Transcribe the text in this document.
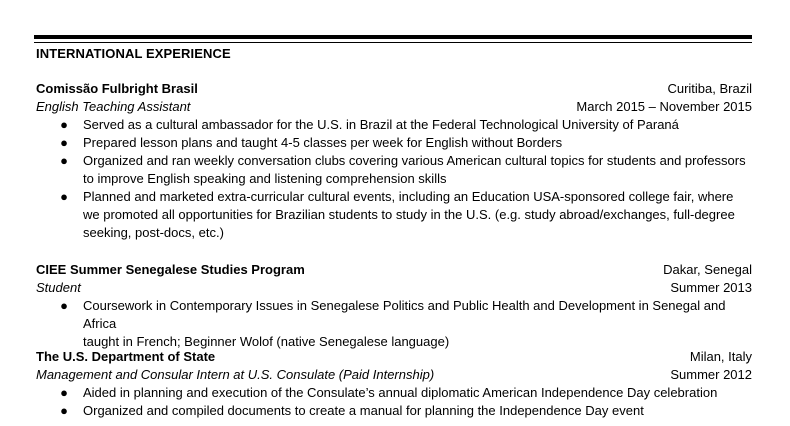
INTERNATIONAL EXPERIENCE
Comissão Fulbright Brasil	Curitiba, Brazil
English Teaching Assistant	March 2015 – November 2015
● Served as a cultural ambassador for the U.S. in Brazil at the Federal Technological University of Paraná
● Prepared lesson plans and taught 4-5 classes per week for English without Borders
● Organized and ran weekly conversation clubs covering various American cultural topics for students and professors
to improve English speaking and listening comprehension skills
● Planned and marketed extra-curricular cultural events, including an Education USA-sponsored college fair, where
we promoted all opportunities for Brazilian students to study in the U.S. (e.g. study abroad/exchanges, full-degree
seeking, post-docs, etc.)
CIEE Summer Senegalese Studies Program	Dakar, Senegal
Student	Summer 2013
● Coursework in Contemporary Issues in Senegalese Politics and Public Health and Development in Senegal and Africa
taught in French; Beginner Wolof (native Senegalese language)
The U.S. Department of State	Milan, Italy
Management and Consular Intern at U.S. Consulate (Paid Internship)	Summer 2012
● Aided in planning and execution of the Consulate’s annual diplomatic American Independence Day celebration
● Organized and compiled documents to create a manual for planning the Independence Day event
